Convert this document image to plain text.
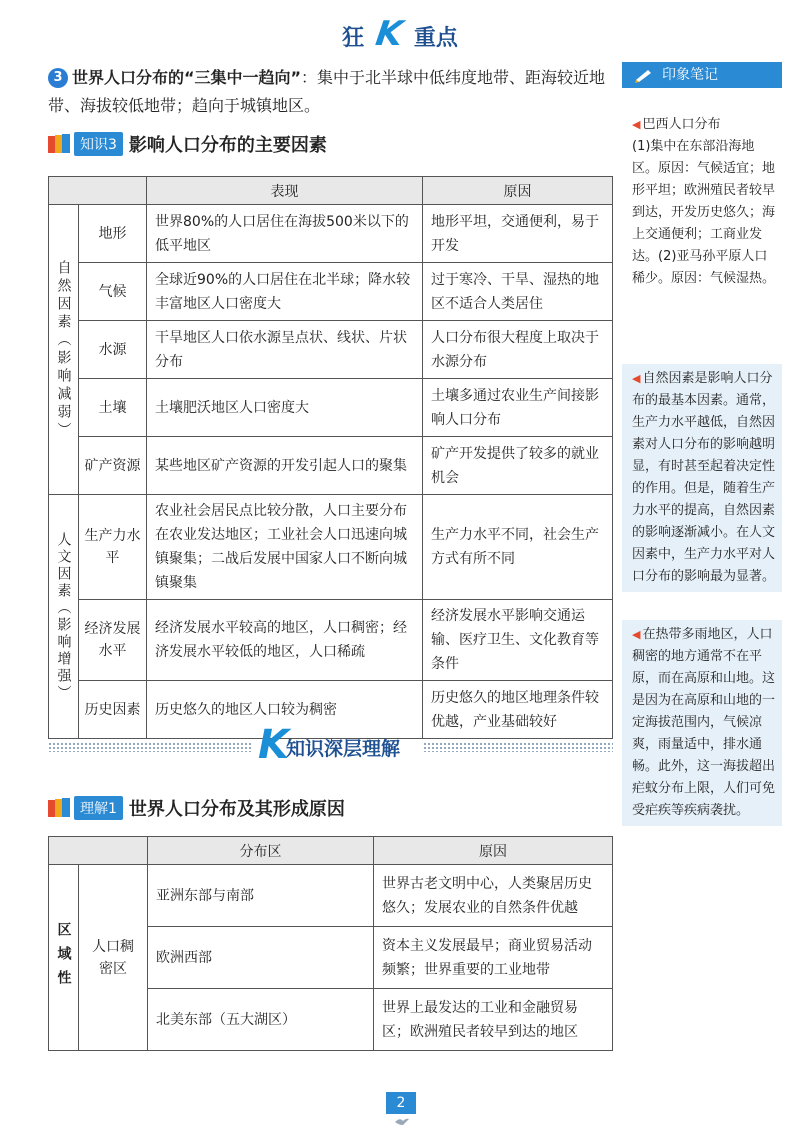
狂 K 重点
3 世界人口分布的“三集中一趋向”：集中于北半球中低纬度地带、距海较近地带、海拔较低地带；趋向于城镇地区。
知识3 影响人口分布的主要因素
		表现	原因
自然因素（影响减弱）	地形	世界80%的人口居住在海拔500米以下的低平地区	地形平坦，交通便利，易于开发
	气候	全球近90%的人口居住在北半球；降水较丰富地区人口密度大	过于寒冷、干旱、湿热的地区不适合人类居住
	水源	干旱地区人口依水源呈点状、线状、片状分布	人口分布很大程度上取决于水源分布
	土壤	土壤肥沃地区人口密度大	土壤多通过农业生产间接影响人口分布
	矿产资源	某些地区矿产资源的开发引起人口的聚集	矿产开发提供了较多的就业机会
人文因素（影响增强）	生产力水平	农业社会居民点比较分散，人口主要分布在农业发达地区；工业社会人口迅速向城镇聚集；二战后发展中国家人口不断向城镇聚集	生产力水平不同，社会生产方式有所不同
	经济发展水平	经济发展水平较高的地区，人口稠密；经济发展水平较低的地区，人口稀疏	经济发展水平影响交通运输、医疗卫生、文化教育等条件
	历史因素	历史悠久的地区人口较为稠密	历史悠久的地区地理条件较优越，产业基础较好
K
知识深层理解
理解1 世界人口分布及其形成原因
		分布区	原因
区域性	人口稠密区	亚洲东部与南部	世界古老文明中心，人类聚居历史悠久；发展农业的自然条件优越
		欧洲西部	资本主义发展最早；商业贸易活动频繁；世界重要的工业地带
		北美东部（五大湖区）	世界上最发达的工业和金融贸易区；欧洲殖民者较早到达的地区
印象笔记
◀ 巴西人口分布
(1)集中在东部沿海地区。原因：气候适宜；地形平坦；欧洲殖民者较早到达，开发历史悠久；海上交通便利；工商业发达。(2)亚马孙平原人口稀少。原因：气候湿热。
◀ 自然因素是影响人口分布的最基本因素。通常，生产力水平越低，自然因素对人口分布的影响越明显，有时甚至起着决定性的作用。但是，随着生产力水平的提高，自然因素的影响逐渐减小。在人文因素中，生产力水平对人口分布的影响最为显著。
◀ 在热带多雨地区，人口稠密的地方通常不在平原，而在高原和山地。这是因为在高原和山地的一定海拔范围内，气候凉爽，雨量适中，排水通畅。此外，这一海拔超出疟蚊分布上限，人们可免受疟疾等疾病袭扰。
2
